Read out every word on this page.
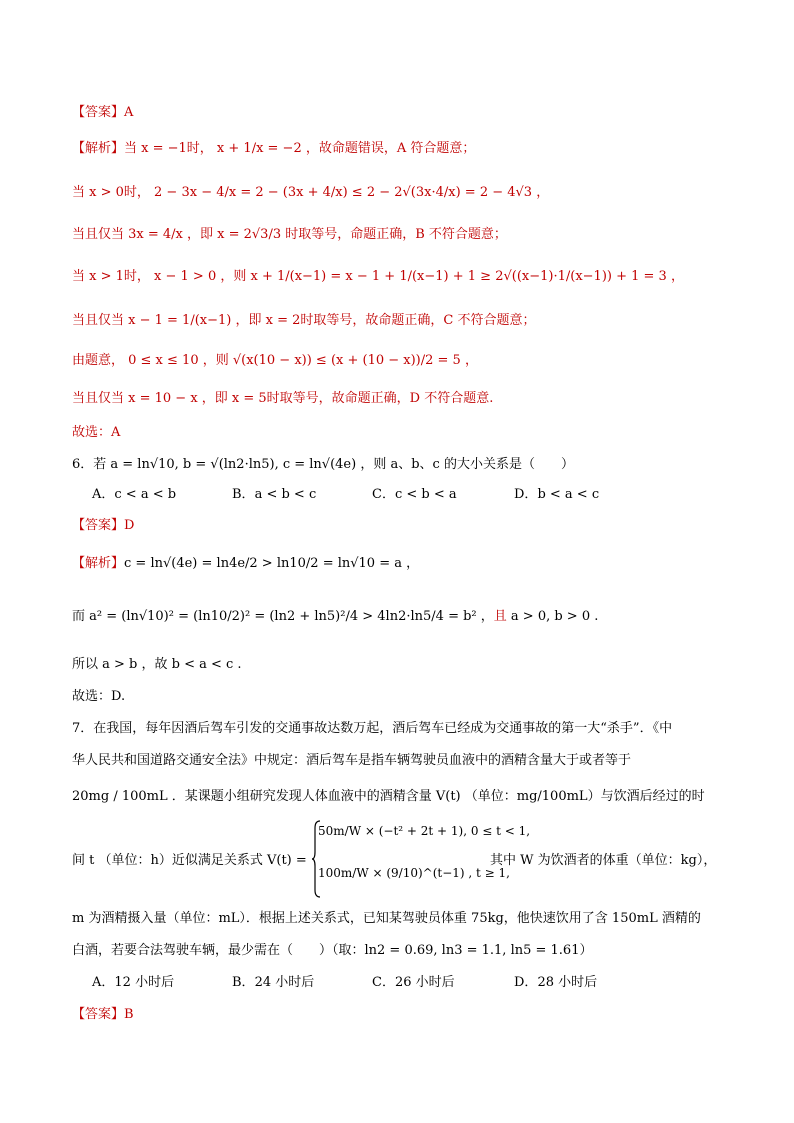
【答案】A
【解析】当 x = −1时， x + 1/x = −2 ，故命题错误，A 符合题意；
当 x > 0时， 2 − 3x − 4/x = 2 − (3x + 4/x) ≤ 2 − 2√(3x·4/x) = 2 − 4√3 ，
当且仅当 3x = 4/x ，即 x = 2√3/3 时取等号，命题正确，B 不符合题意；
当 x > 1时， x − 1 > 0 ，则 x + 1/(x−1) = x − 1 + 1/(x−1) + 1 ≥ 2√((x−1)·1/(x−1)) + 1 = 3 ，
当且仅当 x − 1 = 1/(x−1) ，即 x = 2时取等号，故命题正确，C 不符合题意；
由题意， 0 ≤ x ≤ 10 ，则 √(x(10 − x)) ≤ (x + (10 − x))/2 = 5 ，
当且仅当 x = 10 − x ，即 x = 5时取等号，故命题正确，D 不符合题意.
故选：A
6．若 a = ln√10, b = √(ln2·ln5), c = ln√(4e) ，则 a、b、c 的大小关系是（　　）
A．c < a < b	B．a < b < c	C．c < b < a	D．b < a < c
【答案】D
【解析】c = ln√(4e) = ln4e/2 > ln10/2 = ln√10 = a ，
而 a² = (ln√10)² = (ln10/2)² = (ln2 + ln5)²/4 > 4ln2·ln5/4 = b² ，且 a > 0, b > 0 .
所以 a > b ，故 b < a < c .
故选：D.
7．在我国，每年因酒后驾车引发的交通事故达数万起，酒后驾车已经成为交通事故的第一大“杀手”．《中
华人民共和国道路交通安全法》中规定：酒后驾车是指车辆驾驶员血液中的酒精含量大于或者等于
20mg / 100mL ．某课题小组研究发现人体血液中的酒精含量 V(t) （单位：mg/100mL）与饮酒后经过的时
间 t （单位：h）近似满足关系式 V(t) =
50m/W × (−t² + 2t + 1), 0 ≤ t < 1,
100m/W × (9/10)^(t−1) , t ≥ 1,
其中 W 为饮酒者的体重（单位：kg），
m 为酒精摄入量（单位：mL）．根据上述关系式，已知某驾驶员体重 75kg，他快速饮用了含 150mL 酒精的
白酒，若要合法驾驶车辆，最少需在（　　）（取：ln2 = 0.69, ln3 = 1.1, ln5 = 1.61）
A．12 小时后	B．24 小时后	C．26 小时后	D．28 小时后
【答案】B
